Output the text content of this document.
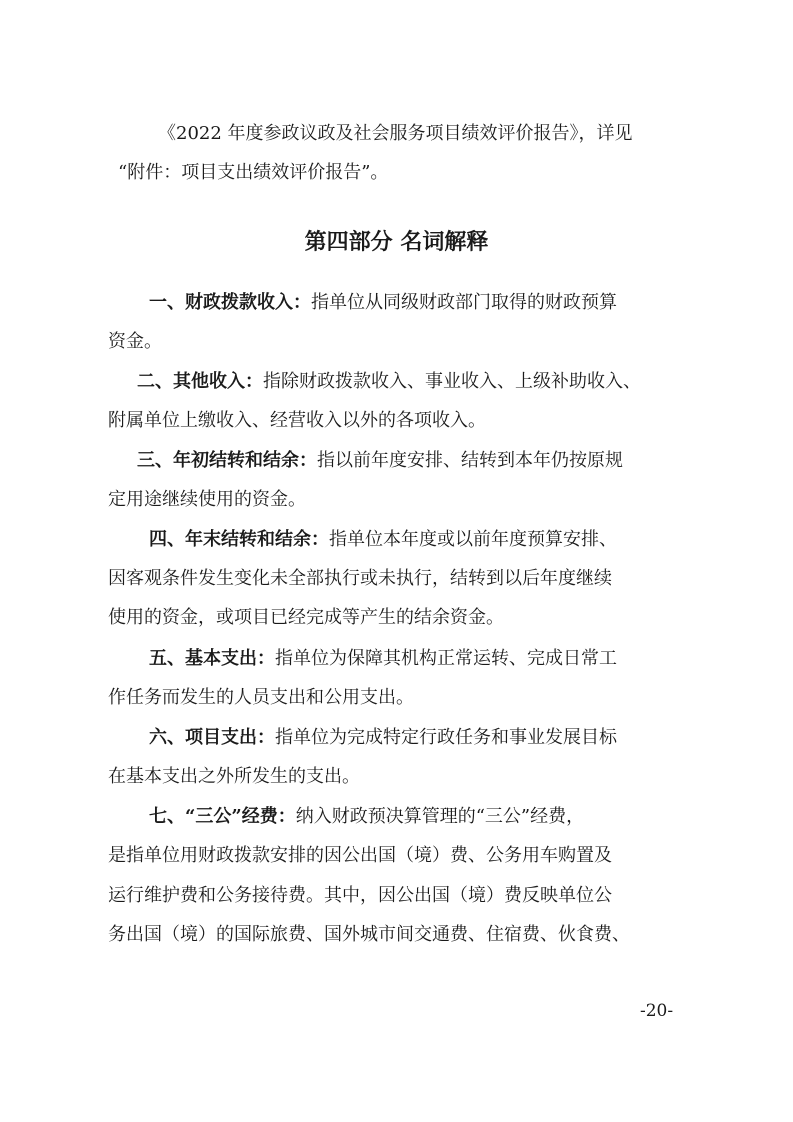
《2022 年度参政议政及社会服务项目绩效评价报告》，详见
“附件：项目支出绩效评价报告”。
第四部分 名词解释
一、财政拨款收入：指单位从同级财政部门取得的财政预算
资金。
二、其他收入：指除财政拨款收入、事业收入、上级补助收入、
附属单位上缴收入、经营收入以外的各项收入。
三、年初结转和结余：指以前年度安排、结转到本年仍按原规
定用途继续使用的资金。
四、年末结转和结余：指单位本年度或以前年度预算安排、
因客观条件发生变化未全部执行或未执行，结转到以后年度继续
使用的资金，或项目已经完成等产生的结余资金。
五、基本支出：指单位为保障其机构正常运转、完成日常工
作任务而发生的人员支出和公用支出。
六、项目支出：指单位为完成特定行政任务和事业发展目标
在基本支出之外所发生的支出。
七、“三公”经费：纳入财政预决算管理的“三公”经费，
是指单位用财政拨款安排的因公出国（境）费、公务用车购置及
运行维护费和公务接待费。其中，因公出国（境）费反映单位公
务出国（境）的国际旅费、国外城市间交通费、住宿费、伙食费、
-20-
